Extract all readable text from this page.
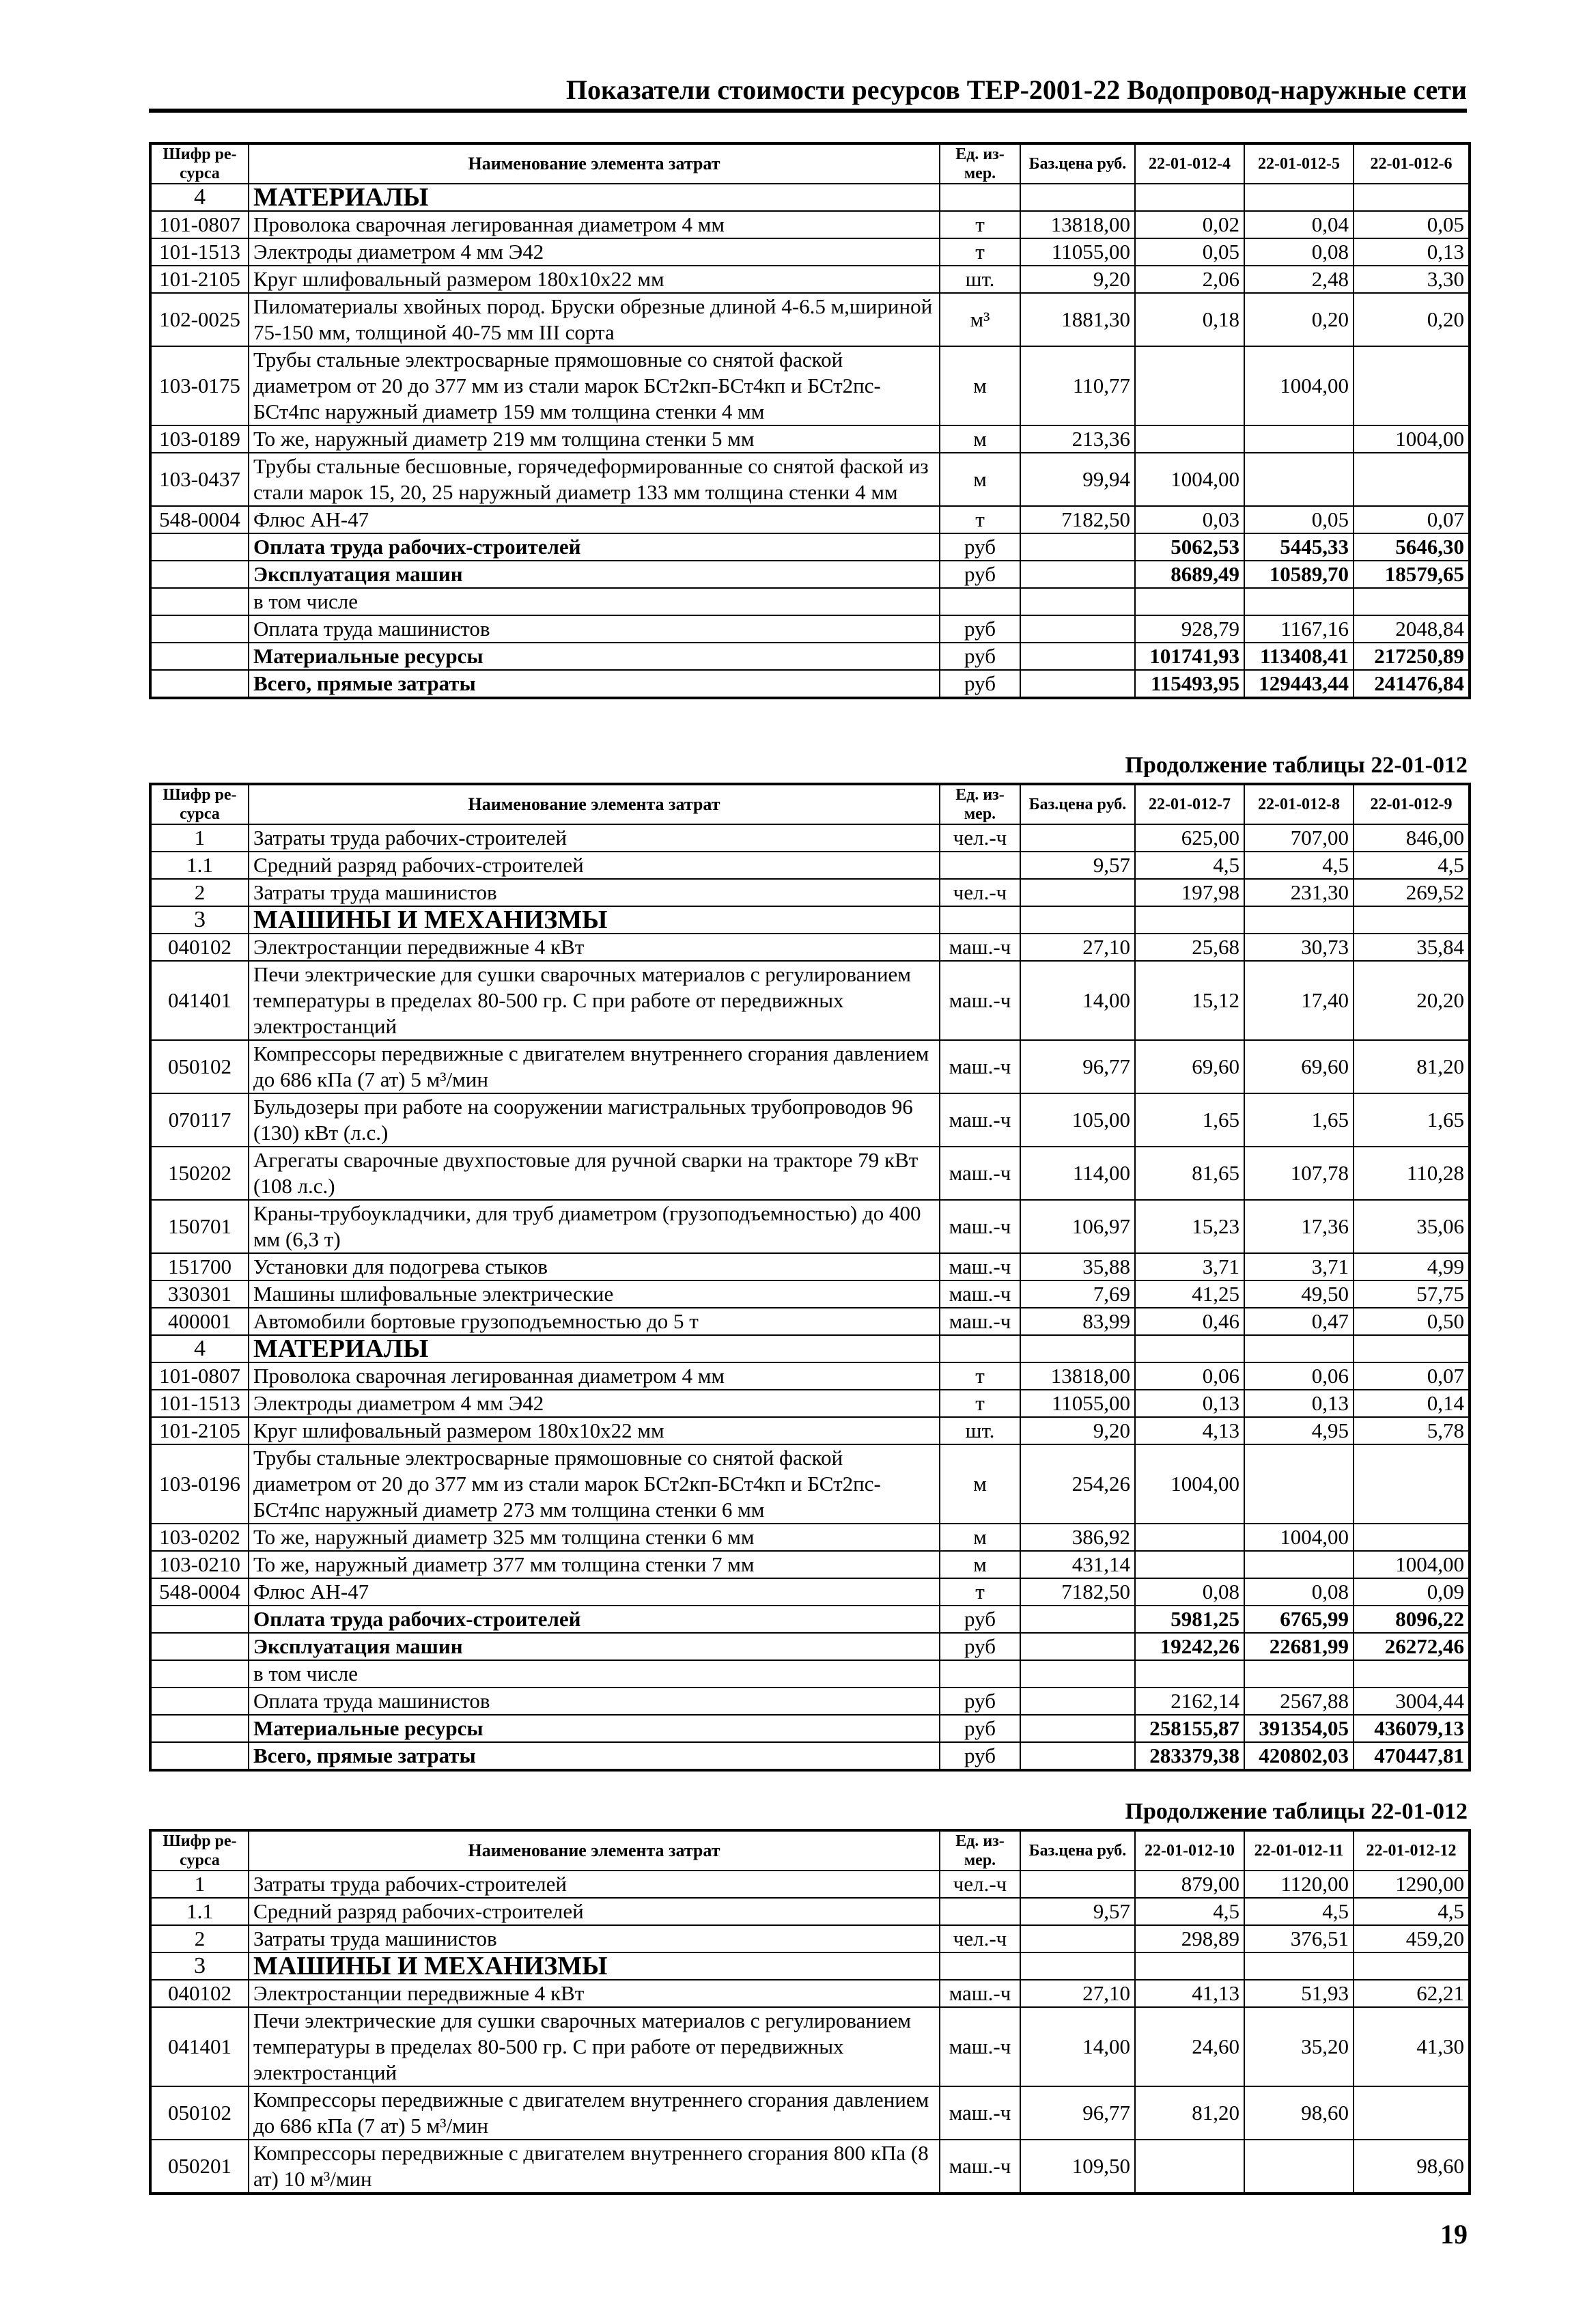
Показатели стоимости ресурсов ТЕР-2001-22 Водопровод-наружные сети
Продолжение таблицы 22-01-012
Продолжение таблицы 22-01-012
Шифр ре-сурса	Наименование элемента затрат	Ед. из-мер.	Баз.цена руб.	22-01-012-4	22-01-012-5	22-01-012-6
4	МАТЕРИАЛЫ					
101-0807	Проволока сварочная легированная диаметром 4 мм	т	13818,00	0,02	0,04	0,05
101-1513	Электроды диаметром 4 мм Э42	т	11055,00	0,05	0,08	0,13
101-2105	Круг шлифовальный размером 180х10х22 мм	шт.	9,20	2,06	2,48	3,30
102-0025	Пиломатериалы хвойных пород. Бруски обрезные длиной 4-6.5 м,шириной 75-150 мм, толщиной 40-75 мм III сорта	м³	1881,30	0,18	0,20	0,20
103-0175	Трубы стальные электросварные прямошовные со снятой фаской диаметром от 20 до 377 мм из стали марок БСт2кп-БСт4кп и БСт2пс-БСт4пс наружный диаметр 159 мм толщина стенки 4 мм	м	110,77		1004,00	
103-0189	То же, наружный диаметр 219 мм толщина стенки 5 мм	м	213,36			1004,00
103-0437	Трубы стальные бесшовные, горячедеформированные со снятой фаской из стали марок 15, 20, 25 наружный диаметр 133 мм толщина стенки 4 мм	м	99,94	1004,00		
548-0004	Флюс АН-47	т	7182,50	0,03	0,05	0,07
	Оплата труда рабочих-строителей	руб		5062,53	5445,33	5646,30
	Эксплуатация машин	руб		8689,49	10589,70	18579,65
	в том числе					
	Оплата труда машинистов	руб		928,79	1167,16	2048,84
	Материальные ресурсы	руб		101741,93	113408,41	217250,89
	Всего, прямые затраты	руб		115493,95	129443,44	241476,84
Шифр ре-сурса	Наименование элемента затрат	Ед. из-мер.	Баз.цена руб.	22-01-012-7	22-01-012-8	22-01-012-9
1	Затраты труда рабочих-строителей	чел.-ч		625,00	707,00	846,00
1.1	Средний разряд рабочих-строителей		9,57	4,5	4,5	4,5
2	Затраты труда машинистов	чел.-ч		197,98	231,30	269,52
3	МАШИНЫ И МЕХАНИЗМЫ					
040102	Электростанции передвижные 4 кВт	маш.-ч	27,10	25,68	30,73	35,84
041401	Печи электрические для сушки сварочных материалов с регулированием температуры в пределах 80-500 гр. С при работе от передвижных электростанций	маш.-ч	14,00	15,12	17,40	20,20
050102	Компрессоры передвижные с двигателем внутреннего сгорания давлением до 686 кПа (7 ат) 5 м³/мин	маш.-ч	96,77	69,60	69,60	81,20
070117	Бульдозеры при работе на сооружении магистральных трубопроводов 96 (130) кВт (л.с.)	маш.-ч	105,00	1,65	1,65	1,65
150202	Агрегаты сварочные двухпостовые для ручной сварки на тракторе 79 кВт (108 л.с.)	маш.-ч	114,00	81,65	107,78	110,28
150701	Краны-трубоукладчики, для труб диаметром (грузоподъемностью) до 400 мм (6,3 т)	маш.-ч	106,97	15,23	17,36	35,06
151700	Установки для подогрева стыков	маш.-ч	35,88	3,71	3,71	4,99
330301	Машины шлифовальные электрические	маш.-ч	7,69	41,25	49,50	57,75
400001	Автомобили бортовые грузоподъемностью до 5 т	маш.-ч	83,99	0,46	0,47	0,50
4	МАТЕРИАЛЫ					
101-0807	Проволока сварочная легированная диаметром 4 мм	т	13818,00	0,06	0,06	0,07
101-1513	Электроды диаметром 4 мм Э42	т	11055,00	0,13	0,13	0,14
101-2105	Круг шлифовальный размером 180х10х22 мм	шт.	9,20	4,13	4,95	5,78
103-0196	Трубы стальные электросварные прямошовные со снятой фаской диаметром от 20 до 377 мм из стали марок БСт2кп-БСт4кп и БСт2пс-БСт4пс наружный диаметр 273 мм толщина стенки 6 мм	м	254,26	1004,00		
103-0202	То же, наружный диаметр 325 мм толщина стенки 6 мм	м	386,92		1004,00	
103-0210	То же, наружный диаметр 377 мм толщина стенки 7 мм	м	431,14			1004,00
548-0004	Флюс АН-47	т	7182,50	0,08	0,08	0,09
	Оплата труда рабочих-строителей	руб		5981,25	6765,99	8096,22
	Эксплуатация машин	руб		19242,26	22681,99	26272,46
	в том числе					
	Оплата труда машинистов	руб		2162,14	2567,88	3004,44
	Материальные ресурсы	руб		258155,87	391354,05	436079,13
	Всего, прямые затраты	руб		283379,38	420802,03	470447,81
Шифр ре-сурса	Наименование элемента затрат	Ед. из-мер.	Баз.цена руб.	22-01-012-10	22-01-012-11	22-01-012-12
1	Затраты труда рабочих-строителей	чел.-ч		879,00	1120,00	1290,00
1.1	Средний разряд рабочих-строителей		9,57	4,5	4,5	4,5
2	Затраты труда машинистов	чел.-ч		298,89	376,51	459,20
3	МАШИНЫ И МЕХАНИЗМЫ					
040102	Электростанции передвижные 4 кВт	маш.-ч	27,10	41,13	51,93	62,21
041401	Печи электрические для сушки сварочных материалов с регулированием температуры в пределах 80-500 гр. С при работе от передвижных электростанций	маш.-ч	14,00	24,60	35,20	41,30
050102	Компрессоры передвижные с двигателем внутреннего сгорания давлением до 686 кПа (7 ат) 5 м³/мин	маш.-ч	96,77	81,20	98,60	
050201	Компрессоры передвижные с двигателем внутреннего сгорания 800 кПа (8 ат) 10 м³/мин	маш.-ч	109,50			98,60
19
